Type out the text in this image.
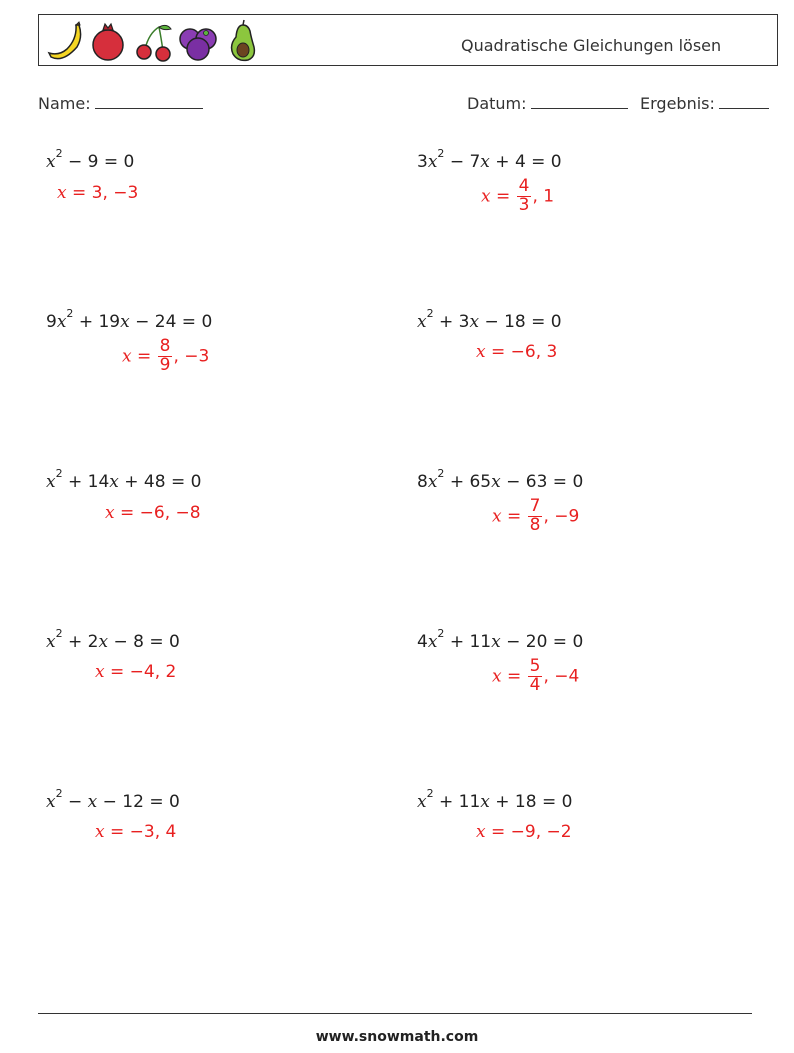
Quadratische Gleichungen lösen
Name:	Datum:	Ergebnis:
$x^2 - 9 = 0$
x = 3, −3
$9x^2 + 19x - 24 = 0$
$x = \frac{8}{9}$ , −3
$x^2 + 14x + 48 = 0$
x = −6, −8
$x^2 + 2x - 8 = 0$
x = −4, 2
$x^2 - x - 12 = 0$
x = −3, 4
$3x^2 - 7x + 4 = 0$
$x = \frac{4}{3}$ , 1
$x^2 + 3x - 18 = 0$
x = −6, 3
$8x^2 + 65x - 63 = 0$
$x = \frac{7}{8}$ , −9
$4x^2 + 11x - 20 = 0$
$x = \frac{5}{4}$ , −4
$x^2 + 11x + 18 = 0$
x = −9, −2
www.snowmath.com
